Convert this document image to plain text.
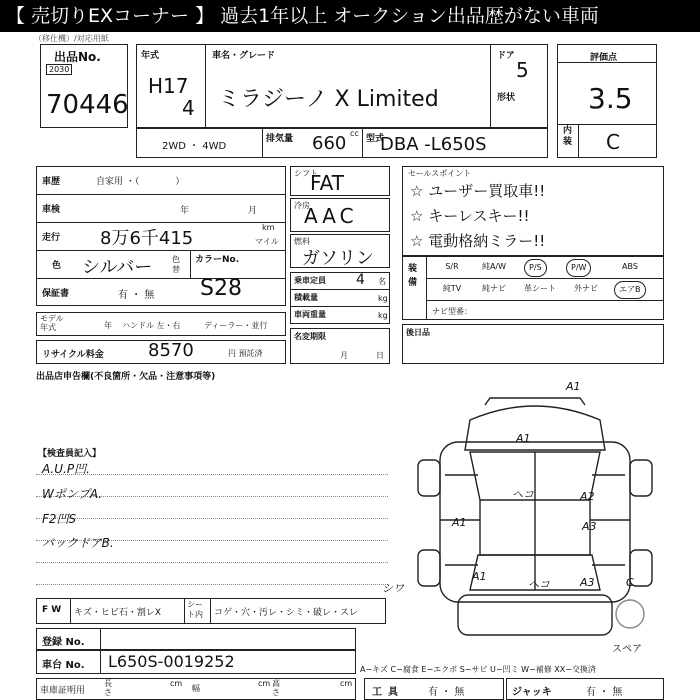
【 売切りEXコーナー 】 過去1年以上 オークション出品歴がない車両
（移仕機）/対応用紙
出品No.
2030
70446
年式
H17
4
車名・グレード
ミラジーノ X Limited
ドア
5
形状
2WD ・ 4WD
排気量 660 cc
型式
DBA -L650S
評価点
3.5
内装 C
車歴	自家用 ・（　　　　）
車検	年	月
走行 8万6千415
km
マイル
色 シルバー 色替
カラーNo.
保証書	有 ・ 無 S28
モデル年式	年 ハンドル 左・右	ディーラー・並行
リサイクル料金 8570	円 預託済
シフト
FAT
冷房
AAC
燃料
ガソリン
乗車定員 4 名
積載量	kg
車両重量	kg
名変期限
月	日
セールスポイント
☆ ユーザー買取車!!
☆ キーレスキー!!
☆ 電動格納ミラー!!
装備
S/R	純A/W	P/S	P/W	ABS
純TV	純ナビ	革シート	外ナビ	エアB
ナビ型番：
後日品
出品店申告欄(不良箇所・欠品・注意事項等)
【検査員記入】
A.U.P凹.
WポンプA.
F2凹S
バックドアB.
A1
A1
ヘコ	A2
A1	A3
A1
ヘコ	A3	C
シワ
スペア
F W キズ・ヒビ石・割レX
シート内	コゲ・穴・汚レ・シミ・破レ・スレ
登録 No.
車台 No. L650S-0019252	A−キズ C−腐食 E−エクボ S−サビ U−凹ミ W−補修 XX−交換済
車庫証明用
長さ
cm
幅
cm 高さ
cm
工具 有 ・ 無	ジャッキ	有 ・ 無
